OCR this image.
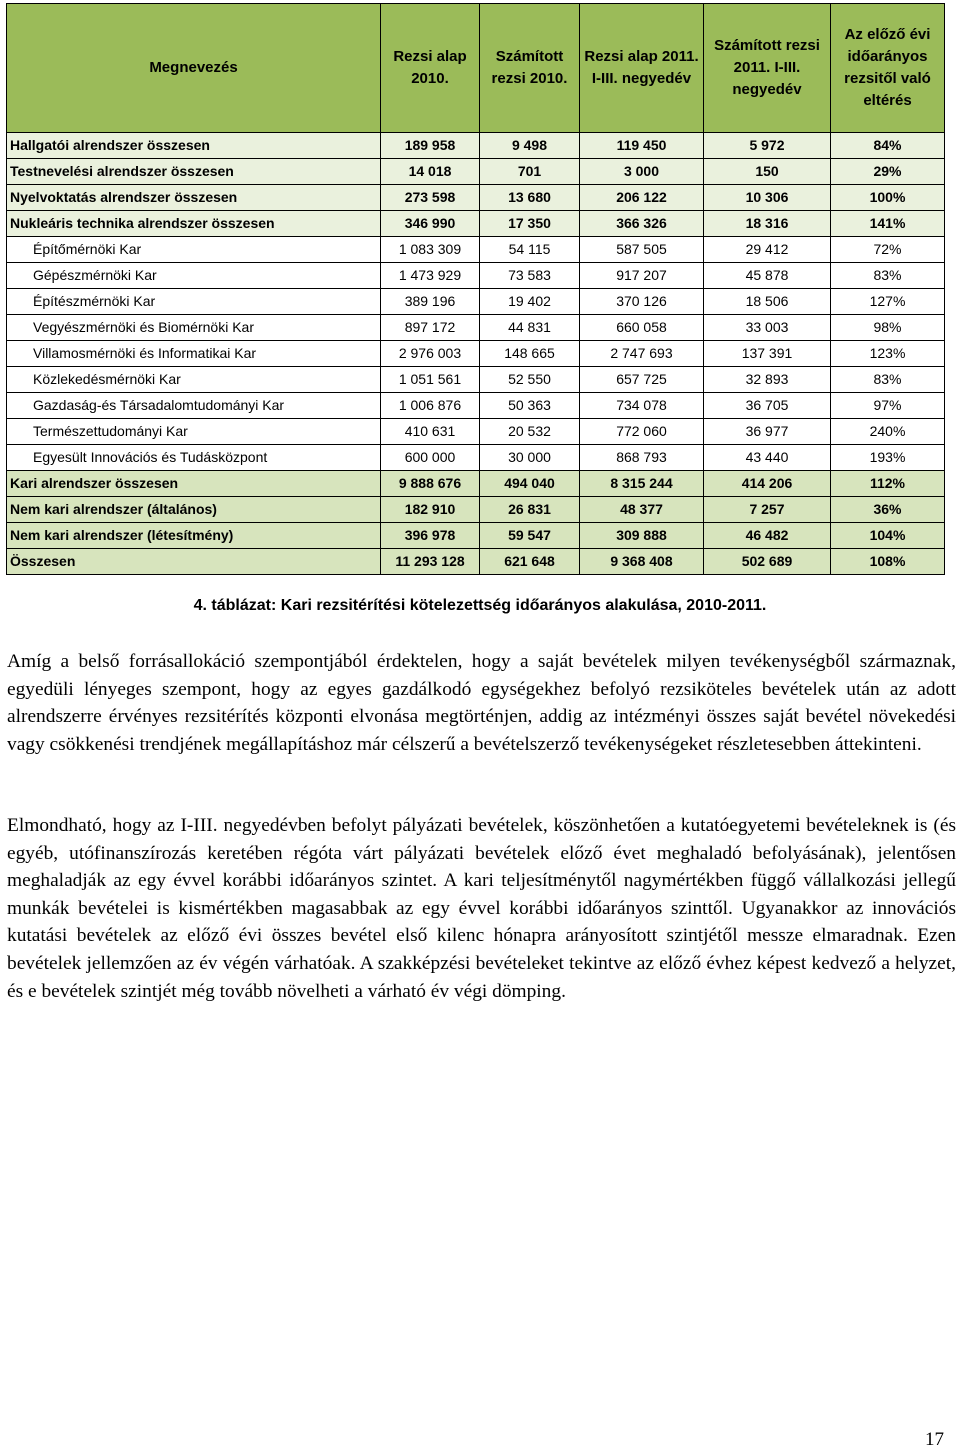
Megnevezés	Rezsi alap 2010.	Számított rezsi 2010.	Rezsi alap 2011. I-III. negyedév	Számított rezsi 2011. I-III. negyedév	Az előző évi időarányos rezsitől való eltérés
Hallgatói alrendszer összesen	189 958	9 498	119 450	5 972	84%
Testnevelési alrendszer összesen	14 018	701	3 000	150	29%
Nyelvoktatás alrendszer összesen	273 598	13 680	206 122	10 306	100%
Nukleáris technika alrendszer összesen	346 990	17 350	366 326	18 316	141%
Építőmérnöki Kar	1 083 309	54 115	587 505	29 412	72%
Gépészmérnöki Kar	1 473 929	73 583	917 207	45 878	83%
Építészmérnöki Kar	389 196	19 402	370 126	18 506	127%
Vegyészmérnöki és Biomérnöki Kar	897 172	44 831	660 058	33 003	98%
Villamosmérnöki és Informatikai Kar	2 976 003	148 665	2 747 693	137 391	123%
Közlekedésmérnöki Kar	1 051 561	52 550	657 725	32 893	83%
Gazdaság-és Társadalomtudományi Kar	1 006 876	50 363	734 078	36 705	97%
Természettudományi Kar	410 631	20 532	772 060	36 977	240%
Egyesült Innovációs és Tudásközpont	600 000	30 000	868 793	43 440	193%
Kari alrendszer összesen	9 888 676	494 040	8 315 244	414 206	112%
Nem kari alrendszer (általános)	182 910	26 831	48 377	7 257	36%
Nem kari alrendszer (létesítmény)	396 978	59 547	309 888	46 482	104%
Összesen	11 293 128	621 648	9 368 408	502 689	108%
4. táblázat: Kari rezsitérítési kötelezettség időarányos alakulása, 2010-2011.

Amíg a belső forrásallokáció szempontjából érdektelen, hogy a saját bevételek milyen tevékenységből származnak, egyedüli lényeges szempont, hogy az egyes gazdálkodó egységekhez befolyó rezsiköteles bevételek után az adott alrendszerre érvényes rezsitérítés központi elvonása megtörténjen, addig az intézményi összes saját bevétel növekedési vagy csökkenési trendjének megállapításhoz már célszerű a bevételszerző tevékenységeket részletesebben áttekinteni.

Elmondható, hogy az I-III. negyedévben befolyt pályázati bevételek, köszönhetően a kutatóegyetemi bevételeknek is (és egyéb, utófinanszírozás keretében régóta várt pályázati bevételek előző évet meghaladó befolyásának), jelentősen meghaladják az egy évvel korábbi időarányos szintet. A kari teljesítménytől nagymértékben függő vállalkozási jellegű munkák bevételei is kismértékben magasabbak az egy évvel korábbi időarányos szinttől. Ugyanakkor az innovációs kutatási bevételek az előző évi összes bevétel első kilenc hónapra arányosított szintjétől messze elmaradnak. Ezen bevételek jellemzően az év végén várhatóak. A szakképzési bevételeket tekintve az előző évhez képest kedvező a helyzet, és e bevételek szintjét még tovább növelheti a várható év végi dömping.

17
